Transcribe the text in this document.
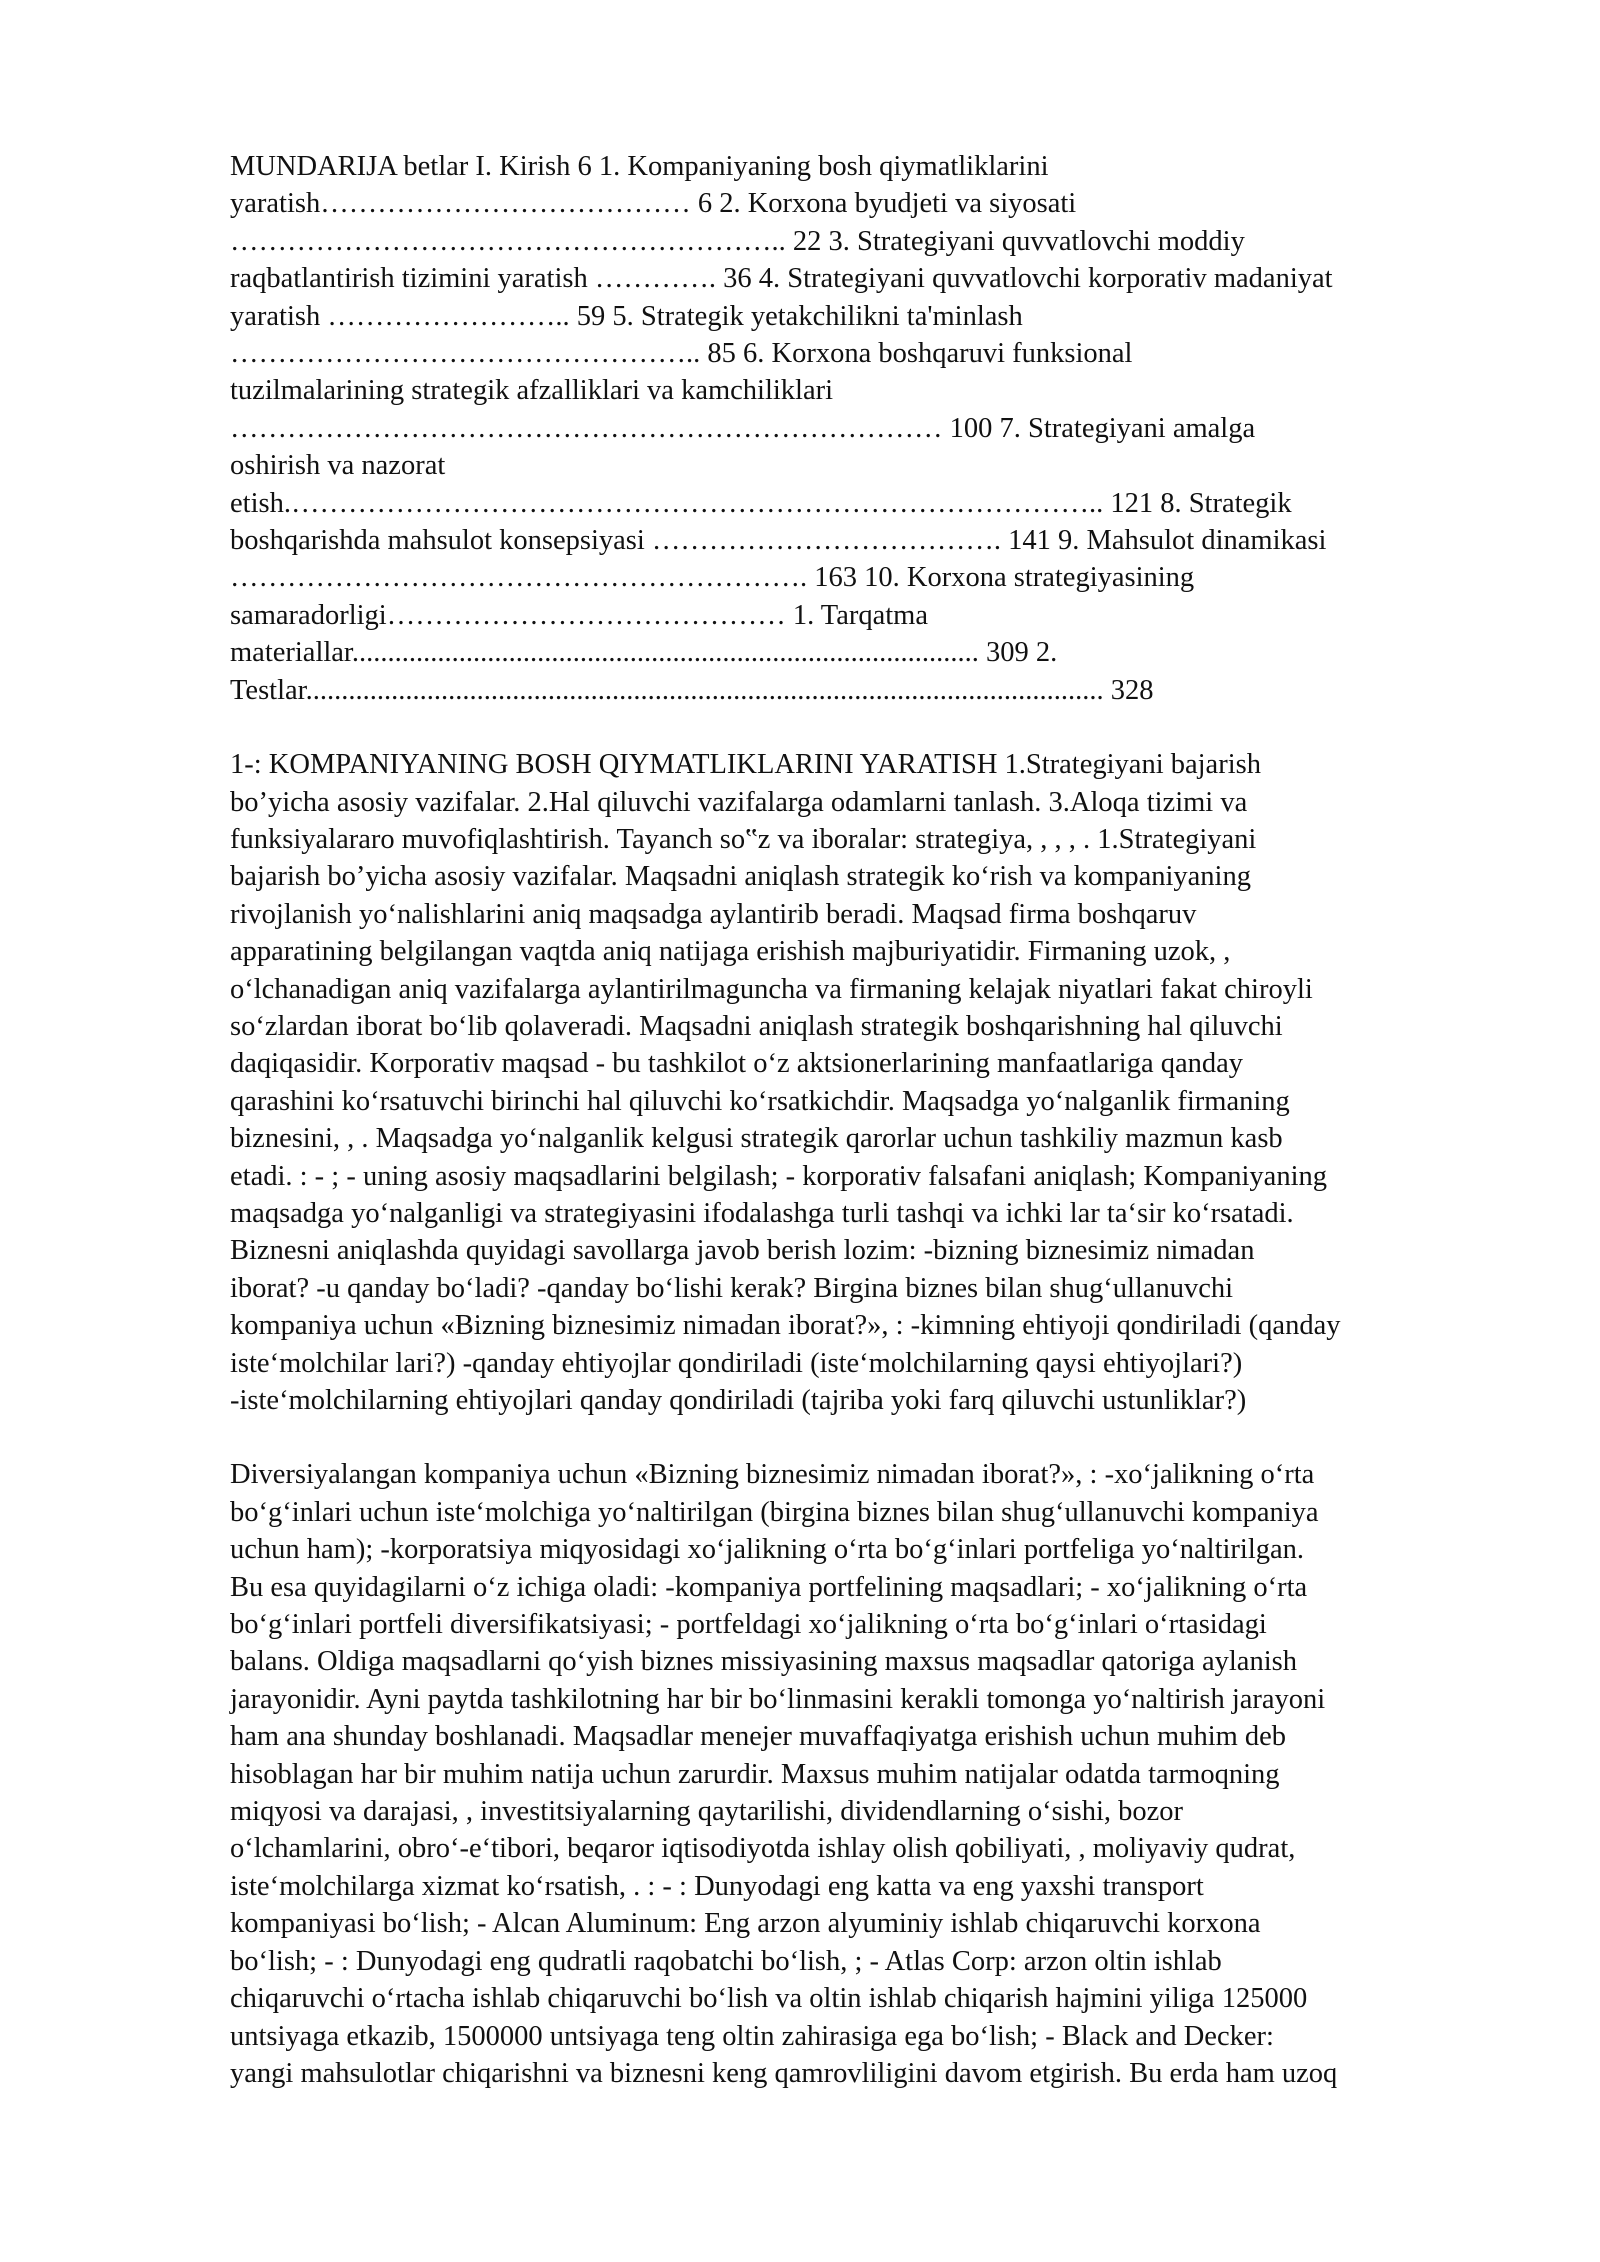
MUNDARIJA betlar I. Kirish 6 1. Kompaniyaning bosh qiymatliklarini
yaratish………………………………… 6 2. Korxona byudjeti va siyosati
………………………………………………….. 22 3. Strategiyani quvvatlovchi moddiy
raqbatlantirish tizimini yaratish …………. 36 4. Strategiyani quvvatlovchi korporativ madaniyat
yaratish …………………….. 59 5. Strategik yetakchilikni ta'minlash
………………………………………….. 85 6. Korxona boshqaruvi funksional
tuzilmalarining strategik afzalliklari va kamchiliklari
………………………………………………………………… 100 7. Strategiyani amalga
oshirish va nazorat
etish.………………………………………………………………………….. 121 8. Strategik
boshqarishda mahsulot konsepsiyasi ………………………………. 141 9. Mahsulot dinamikasi
……………………………………………………. 163 10. Korxona strategiyasining
samaradorligi…………………………………… 1. Tarqatma
materiallar........................................................................................ 309 2.
Testlar................................................................................................................ 328

1-: KOMPANIYANING BOSH QIYMATLIKLARINI YARATISH 1.Strategiyani bajarish
bo’yicha asosiy vazifalar. 2.Hal qiluvchi vazifalarga odamlarni tanlash. 3.Aloqa tizimi va
funksiyalararo muvofiqlashtirish. Tayanch so‟z va iboralar: strategiya, , , , . 1.Strategiyani
bajarish bo’yicha asosiy vazifalar. Maqsadni aniqlash strategik ko‘rish va kompaniyaning
rivojlanish yo‘nalishlarini aniq maqsadga aylantirib beradi. Maqsad firma boshqaruv
apparatining belgilangan vaqtda aniq natijaga erishish majburiyatidir. Firmaning uzok, ,
o‘lchanadigan aniq vazifalarga aylantirilmaguncha va firmaning kelajak niyatlari fakat chiroyli
so‘zlardan iborat bo‘lib qolaveradi. Maqsadni aniqlash strategik boshqarishning hal qiluvchi
daqiqasidir. Korporativ maqsad - bu tashkilot o‘z aktsionerlarining manfaatlariga qanday
qarashini ko‘rsatuvchi birinchi hal qiluvchi ko‘rsatkichdir. Maqsadga yo‘nalganlik firmaning
biznesini, , . Maqsadga yo‘nalganlik kelgusi strategik qarorlar uchun tashkiliy mazmun kasb
etadi. : - ; - uning asosiy maqsadlarini belgilash; - korporativ falsafani aniqlash; Kompaniyaning
maqsadga yo‘nalganligi va strategiyasini ifodalashga turli tashqi va ichki lar ta‘sir ko‘rsatadi.
Biznesni aniqlashda quyidagi savollarga javob berish lozim: -bizning biznesimiz nimadan
iborat? -u qanday bo‘ladi? -qanday bo‘lishi kerak? Birgina biznes bilan shug‘ullanuvchi
kompaniya uchun «Bizning biznesimiz nimadan iborat?», : -kimning ehtiyoji qondiriladi (qanday
iste‘molchilar lari?) -qanday ehtiyojlar qondiriladi (iste‘molchilarning qaysi ehtiyojlari?)
-iste‘molchilarning ehtiyojlari qanday qondiriladi (tajriba yoki farq qiluvchi ustunliklar?)

Diversiyalangan kompaniya uchun «Bizning biznesimiz nimadan iborat?», : -xo‘jalikning o‘rta
bo‘g‘inlari uchun iste‘molchiga yo‘naltirilgan (birgina biznes bilan shug‘ullanuvchi kompaniya
uchun ham); -korporatsiya miqyosidagi xo‘jalikning o‘rta bo‘g‘inlari portfeliga yo‘naltirilgan.
Bu esa quyidagilarni o‘z ichiga oladi: -kompaniya portfelining maqsadlari; - xo‘jalikning o‘rta
bo‘g‘inlari portfeli diversifikatsiyasi; - portfeldagi xo‘jalikning o‘rta bo‘g‘inlari o‘rtasidagi
balans. Oldiga maqsadlarni qo‘yish biznes missiyasining maxsus maqsadlar qatoriga aylanish
jarayonidir. Ayni paytda tashkilotning har bir bo‘linmasini kerakli tomonga yo‘naltirish jarayoni
ham ana shunday boshlanadi. Maqsadlar menejer muvaffaqiyatga erishish uchun muhim deb
hisoblagan har bir muhim natija uchun zarurdir. Maxsus muhim natijalar odatda tarmoqning
miqyosi va darajasi, , investitsiyalarning qaytarilishi, dividendlarning o‘sishi, bozor
o‘lchamlarini, obro‘-e‘tibori, beqaror iqtisodiyotda ishlay olish qobiliyati, , moliyaviy qudrat,
iste‘molchilarga xizmat ko‘rsatish, . : - : Dunyodagi eng katta va eng yaxshi transport
kompaniyasi bo‘lish; - Alcan Aluminum: Eng arzon alyuminiy ishlab chiqaruvchi korxona
bo‘lish; - : Dunyodagi eng qudratli raqobatchi bo‘lish, ; - Atlas Corp: arzon oltin ishlab
chiqaruvchi o‘rtacha ishlab chiqaruvchi bo‘lish va oltin ishlab chiqarish hajmini yiliga 125000
untsiyaga etkazib, 1500000 untsiyaga teng oltin zahirasiga ega bo‘lish; - Black and Decker:
yangi mahsulotlar chiqarishni va biznesni keng qamrovliligini davom etgirish. Bu erda ham uzoq
